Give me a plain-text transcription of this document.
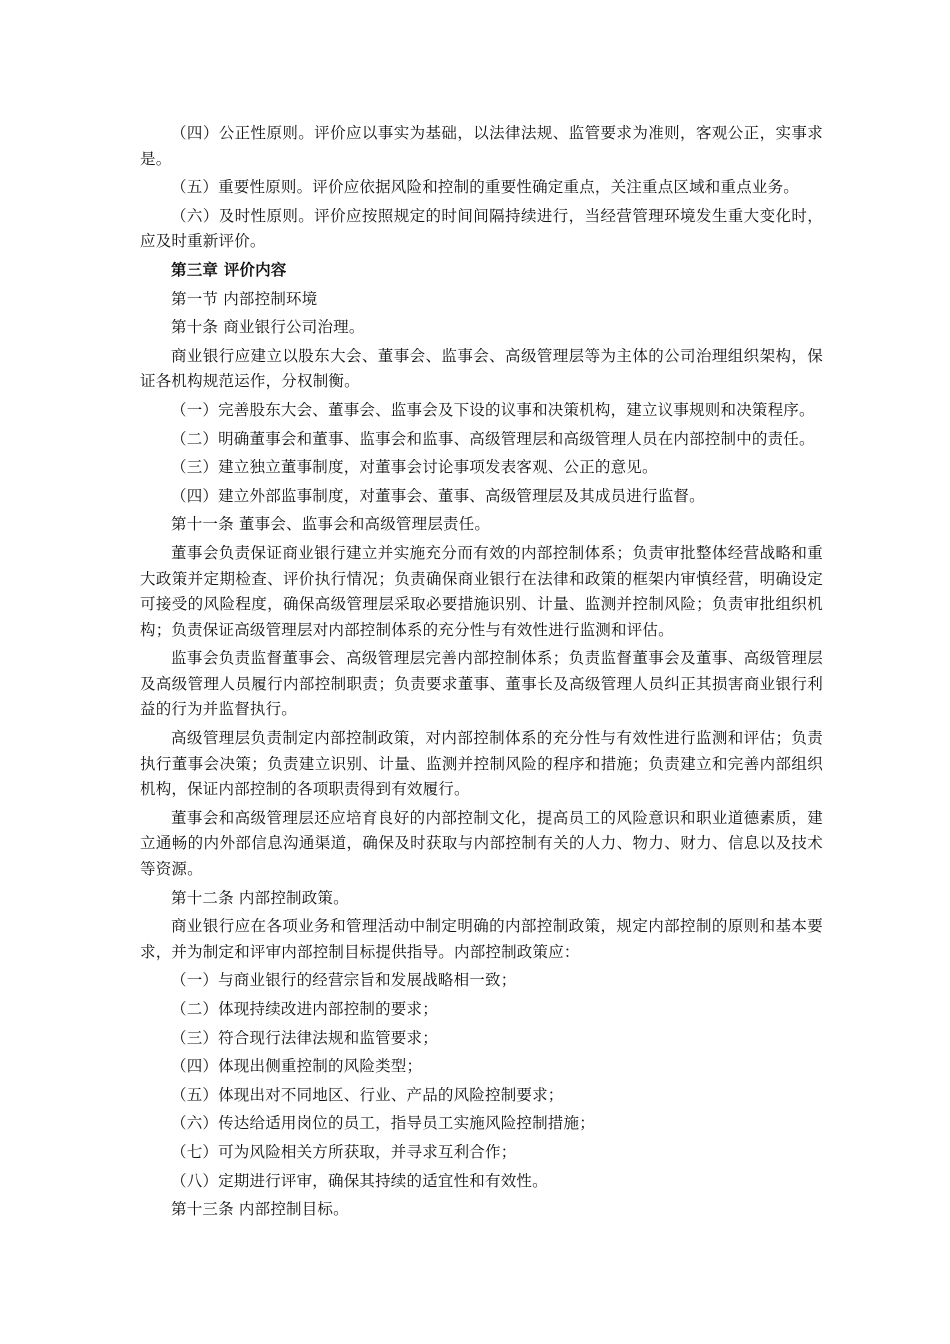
（四）公正性原则。评价应以事实为基础，以法律法规、监管要求为准则，客观公正，实事求是。

（五）重要性原则。评价应依据风险和控制的重要性确定重点，关注重点区域和重点业务。

（六）及时性原则。评价应按照规定的时间间隔持续进行，当经营管理环境发生重大变化时，应及时重新评价。

第三章 评价内容

第一节 内部控制环境

第十条 商业银行公司治理。

商业银行应建立以股东大会、董事会、监事会、高级管理层等为主体的公司治理组织架构，保证各机构规范运作，分权制衡。

（一）完善股东大会、董事会、监事会及下设的议事和决策机构，建立议事规则和决策程序。

（二）明确董事会和董事、监事会和监事、高级管理层和高级管理人员在内部控制中的责任。

（三）建立独立董事制度，对董事会讨论事项发表客观、公正的意见。

（四）建立外部监事制度，对董事会、董事、高级管理层及其成员进行监督。

第十一条 董事会、监事会和高级管理层责任。

董事会负责保证商业银行建立并实施充分而有效的内部控制体系；负责审批整体经营战略和重大政策并定期检查、评价执行情况；负责确保商业银行在法律和政策的框架内审慎经营，明确设定可接受的风险程度，确保高级管理层采取必要措施识别、计量、监测并控制风险；负责审批组织机构；负责保证高级管理层对内部控制体系的充分性与有效性进行监测和评估。

监事会负责监督董事会、高级管理层完善内部控制体系；负责监督董事会及董事、高级管理层及高级管理人员履行内部控制职责；负责要求董事、董事长及高级管理人员纠正其损害商业银行利益的行为并监督执行。

高级管理层负责制定内部控制政策，对内部控制体系的充分性与有效性进行监测和评估；负责执行董事会决策；负责建立识别、计量、监测并控制风险的程序和措施；负责建立和完善内部组织机构，保证内部控制的各项职责得到有效履行。

董事会和高级管理层还应培育良好的内部控制文化，提高员工的风险意识和职业道德素质，建立通畅的内外部信息沟通渠道，确保及时获取与内部控制有关的人力、物力、财力、信息以及技术等资源。

第十二条 内部控制政策。

商业银行应在各项业务和管理活动中制定明确的内部控制政策，规定内部控制的原则和基本要求，并为制定和评审内部控制目标提供指导。内部控制政策应：

（一）与商业银行的经营宗旨和发展战略相一致；

（二）体现持续改进内部控制的要求；

（三）符合现行法律法规和监管要求；

（四）体现出侧重控制的风险类型；

（五）体现出对不同地区、行业、产品的风险控制要求；

（六）传达给适用岗位的员工，指导员工实施风险控制措施；

（七）可为风险相关方所获取，并寻求互利合作；

（八）定期进行评审，确保其持续的适宜性和有效性。

第十三条 内部控制目标。
